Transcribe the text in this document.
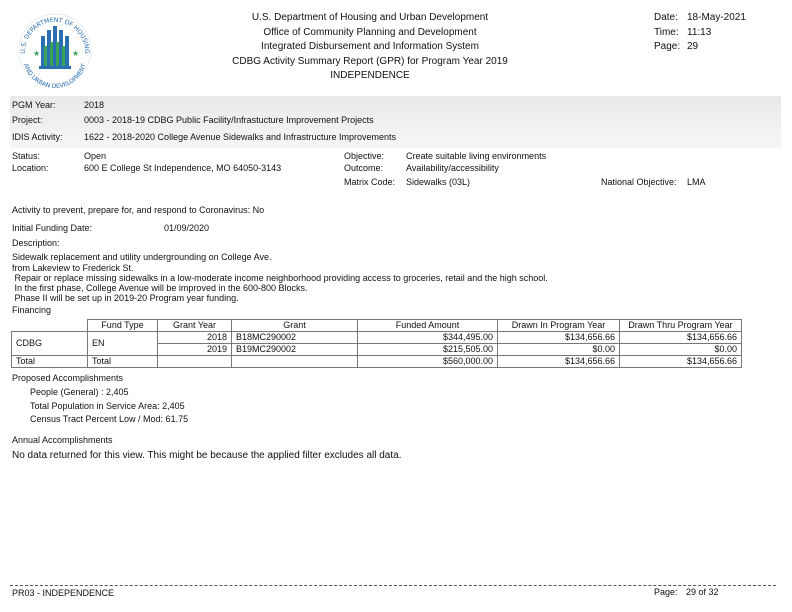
U.S. DEPARTMENT OF HOUSING
AND URBAN DEVELOPMENT
★	★
U.S. Department of Housing and Urban Development
Office of Community Planning and Development
Integrated Disbursement and Information System
CDBG Activity Summary Report (GPR) for Program Year 2019
INDEPENDENCE
Date: 18-May-2021
Time: 11:13
Page: 29
PGM Year:	2018
Project:	0003 - 2018-19 CDBG Public Facility/Infrastucture Improvement Projects
IDIS Activity: 1622 - 2018-2020 College Avenue Sidewalks and Infrastructure Improvements
Status:	Open
Location:	600 E College St Independence, MO 64050-3143
Objective: Create suitable living environments
Outcome:	Availability/accessibility
Matrix Code: Sidewalks (03L)	National Objective: LMA
Activity to prevent, prepare for, and respond to Coronavirus: No
Initial Funding Date:	01/09/2020
Description:
Sidewalk replacement and utility undergrounding on College Ave.
from Lakeview to Frederick St.
Repair or replace missing sidewalks in a low-moderate income neighborhood providing access to groceries, retail and the high school.
In the first phase, College Avenue will be improved in the 600-800 Blocks.
Phase II will be set up in 2019-20 Program year funding.
Financing
	Fund Type	Grant Year	Grant	Funded Amount	Drawn In Program Year	Drawn Thru Program Year
CDBG	EN	2018	B18MC290002	$344,495.00	$134,656.66	$134,656.66
		2019	B19MC290002	$215,505.00	$0.00	$0.00
Total	Total			$560,000.00	$134,656.66	$134,656.66
Proposed Accomplishments
People (General) : 2,405
Total Population in Service Area: 2,405
Census Tract Percent Low / Mod: 61.75
Annual Accomplishments
No data returned for this view. This might be because the applied filter excludes all data.
PR03 - INDEPENDENCE	Page: 29 of 32
